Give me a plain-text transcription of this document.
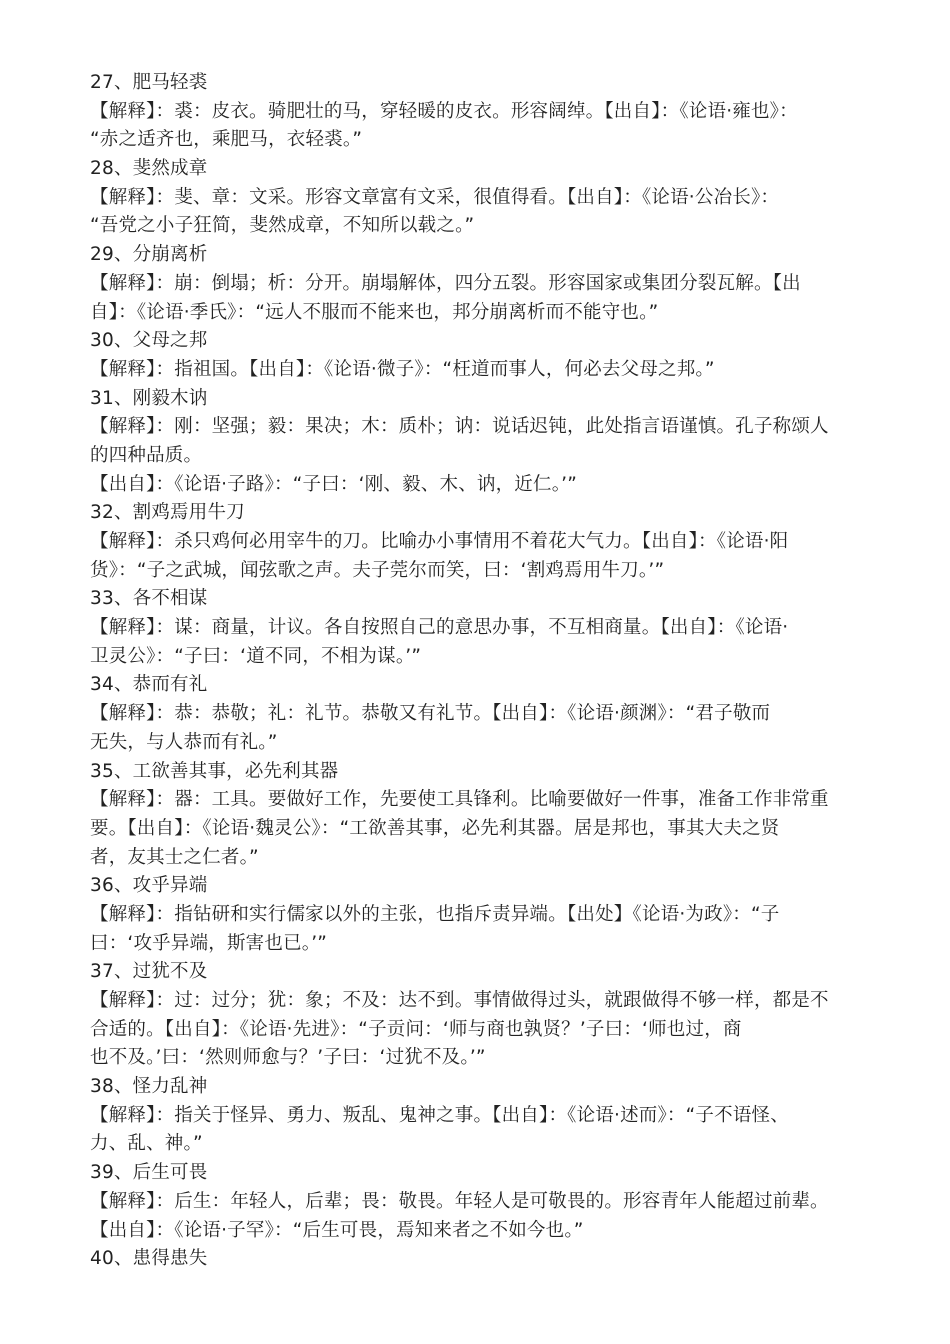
27、肥马轻裘
【解释】：裘：皮衣。骑肥壮的马，穿轻暖的皮衣。形容阔绰。【出自】：《论语·雍也》：
“赤之适齐也，乘肥马，衣轻裘。”
28、斐然成章
【解释】：斐、章：文采。形容文章富有文采，很值得看。【出自】：《论语·公冶长》：
“吾党之小子狂简，斐然成章，不知所以载之。”
29、分崩离析
【解释】：崩：倒塌；析：分开。崩塌解体，四分五裂。形容国家或集团分裂瓦解。【出
自】：《论语·季氏》：“远人不服而不能来也，邦分崩离析而不能守也。”
30、父母之邦
【解释】：指祖国。【出自】：《论语·微子》：“枉道而事人，何必去父母之邦。”
31、刚毅木讷
【解释】：刚：坚强；毅：果决；木：质朴；讷：说话迟钝，此处指言语谨慎。孔子称颂人
的四种品质。
【出自】：《论语·子路》：“子曰：‘刚、毅、木、讷，近仁。’”
32、割鸡焉用牛刀
【解释】：杀只鸡何必用宰牛的刀。比喻办小事情用不着花大气力。【出自】：《论语·阳
货》：“子之武城，闻弦歌之声。夫子莞尔而笑，曰：‘割鸡焉用牛刀。’”
33、各不相谋
【解释】：谋：商量，计议。各自按照自己的意思办事，不互相商量。【出自】：《论语·
卫灵公》：“子曰：‘道不同，不相为谋。’”
34、恭而有礼
【解释】：恭：恭敬；礼：礼节。恭敬又有礼节。【出自】：《论语·颜渊》：“君子敬而
无失，与人恭而有礼。”
35、工欲善其事，必先利其器
【解释】：器：工具。要做好工作，先要使工具锋利。比喻要做好一件事，准备工作非常重
要。【出自】：《论语·魏灵公》：“工欲善其事，必先利其器。居是邦也，事其大夫之贤
者，友其士之仁者。”
36、攻乎异端
【解释】：指钻研和实行儒家以外的主张，也指斥责异端。【出处】《论语·为政》：“子
曰：‘攻乎异端，斯害也已。’”
37、过犹不及
【解释】：过：过分；犹：象；不及：达不到。事情做得过头，就跟做得不够一样，都是不
合适的。【出自】：《论语·先进》：“子贡问：‘师与商也孰贤？’子曰：‘师也过，商
也不及。’曰：‘然则师愈与？’子曰：‘过犹不及。’”
38、怪力乱神
【解释】：指关于怪异、勇力、叛乱、鬼神之事。【出自】：《论语·述而》：“子不语怪、
力、乱、神。”
39、后生可畏
【解释】：后生：年轻人，后辈；畏：敬畏。年轻人是可敬畏的。形容青年人能超过前辈。
【出自】：《论语·子罕》：“后生可畏，焉知来者之不如今也。”
40、患得患失
